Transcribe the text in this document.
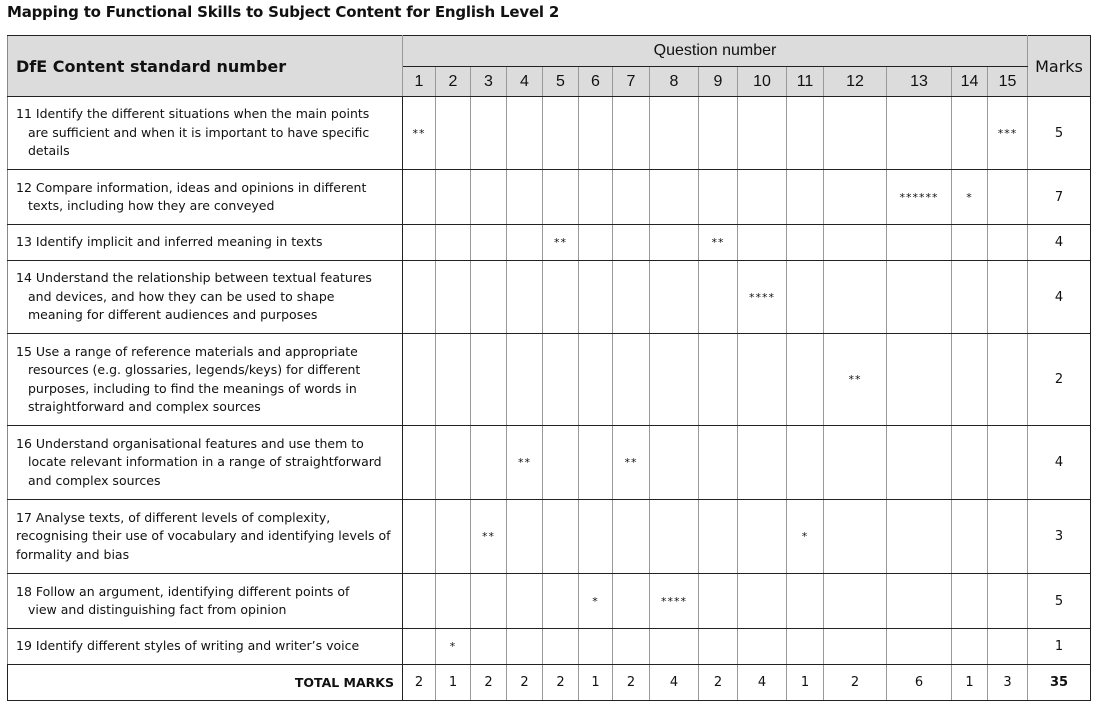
Mapping to Functional Skills to Subject Content for English Level 2
DfE Content standard number	Question number															Marks
	1	2	3	4	5	6	7	8	9	10	11	12	13	14	15	
11 Identify the different situations when the main points
are sufficient and when it is important to have specific details	**														***	5
12 Compare information, ideas and opinions in different
texts, including how they are conveyed													******	*		7
13 Identify implicit and inferred meaning in texts					**				**							4
14 Understand the relationship between textual features
and devices, and how they can be used to shape meaning for different audiences and purposes										****						4
15 Use a range of reference materials and appropriate
resources (e.g. glossaries, legends/keys) for different purposes, including to find the meanings of words in straightforward and complex sources												**				2
16 Understand organisational features and use them to
locate relevant information in a range of straightforward and complex sources				**			**									4
17 Analyse texts, of different levels of complexity, recognising their use of vocabulary and identifying levels of formality and bias			**								*					3
18 Follow an argument, identifying different points of
view and distinguishing fact from opinion						*		****								5
19 Identify different styles of writing and writer’s voice		*														1
TOTAL MARKS	2	1	2	2	2	1	2	4	2	4	1	2	6	1	3	35
